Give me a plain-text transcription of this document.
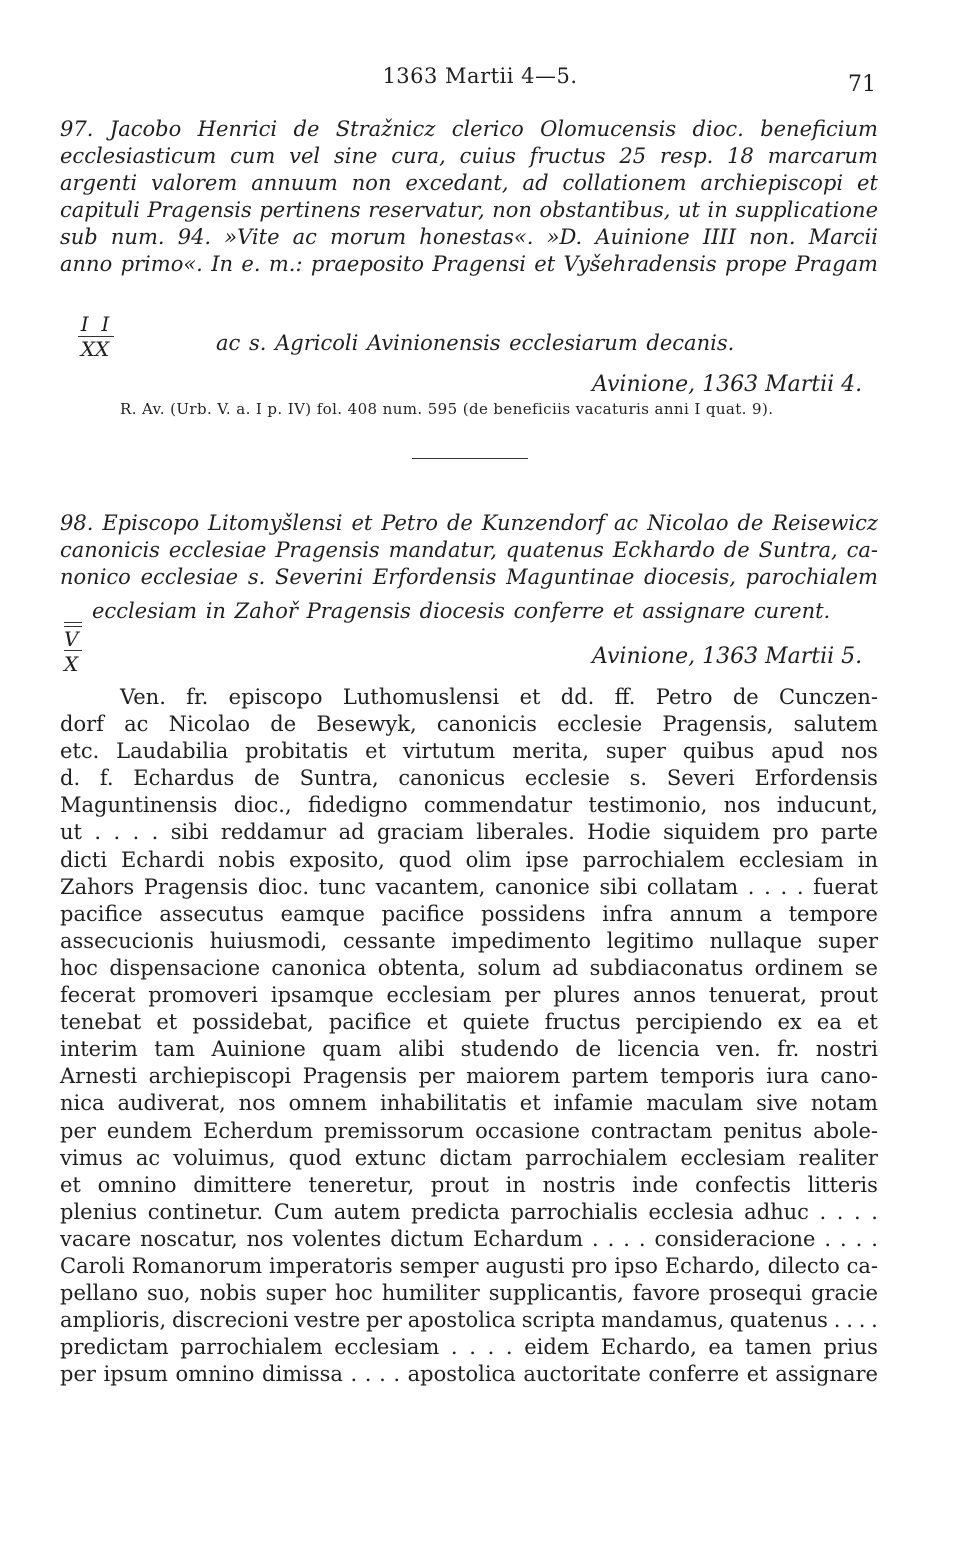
1363 Martii 4—5.	71
97. Jacobo Henrici de Stražnicz clerico Olomucensis dioc. beneficium
ecclesiasticum cum vel sine cura, cuius fructus 25 resp. 18 marcarum
argenti valorem annuum non excedant, ad collationem archiepiscopi et
capituli Pragensis pertinens reservatur, non obstantibus, ut in supplicatione
sub num. 94. »Vite ac morum honestas«. »D. Auinione IIII non. Marcii
anno primo«. In e. m.: praeposito Pragensi et Vyšehradensis prope Pragam
ac s. Agricoli Avinionensis ecclesiarum decanis.
I  I
XX
Avinione, 1363 Martii 4.
R. Av. (Urb. V. a. I p. IV) fol. 408 num. 595 (de beneficiis vacaturis anni I quat. 9).
98. Episcopo Litomyšlensi et Petro de Kunzendorf ac Nicolao de Reisewicz
canonicis ecclesiae Pragensis mandatur, quatenus Eckhardo de Suntra, ca-
nonico ecclesiae s. Severini Erfordensis Maguntinae diocesis, parochialem
ecclesiam in Zahoř Pragensis diocesis conferre et assignare curent.
V
X	Avinione, 1363 Martii 5.
Ven. fr. episcopo Luthomuslensi et dd. ff. Petro de Cunczen-
dorf ac Nicolao de Besewyk, canonicis ecclesie Pragensis, salutem
etc. Laudabilia probitatis et virtutum merita, super quibus apud nos
d. f. Echardus de Suntra, canonicus ecclesie s. Severi Erfordensis
Maguntinensis dioc., fidedigno commendatur testimonio, nos inducunt,
ut . . . . sibi reddamur ad graciam liberales. Hodie siquidem pro parte
dicti Echardi nobis exposito, quod olim ipse parrochialem ecclesiam in
Zahors Pragensis dioc. tunc vacantem, canonice sibi collatam . . . . fuerat
pacifice assecutus eamque pacifice possidens infra annum a tempore
assecucionis huiusmodi, cessante impedimento legitimo nullaque super
hoc dispensacione canonica obtenta, solum ad subdiaconatus ordinem se
fecerat promoveri ipsamque ecclesiam per plures annos tenuerat, prout
tenebat et possidebat, pacifice et quiete fructus percipiendo ex ea et
interim tam Auinione quam alibi studendo de licencia ven. fr. nostri
Arnesti archiepiscopi Pragensis per maiorem partem temporis iura cano-
nica audiverat, nos omnem inhabilitatis et infamie maculam sive notam
per eundem Echerdum premissorum occasione contractam penitus abole-
vimus ac voluimus, quod extunc dictam parrochialem ecclesiam realiter
et omnino dimittere teneretur, prout in nostris inde confectis litteris
plenius continetur. Cum autem predicta parrochialis ecclesia adhuc . . . .
vacare noscatur, nos volentes dictum Echardum . . . . consideracione . . . .
Caroli Romanorum imperatoris semper augusti pro ipso Echardo, dilecto ca-
pellano suo, nobis super hoc humiliter supplicantis, favore prosequi gracie
amplioris, discrecioni vestre per apostolica scripta mandamus, quatenus . . . .
predictam parrochialem ecclesiam . . . . eidem Echardo, ea tamen prius
per ipsum omnino dimissa . . . . apostolica auctoritate conferre et assignare
